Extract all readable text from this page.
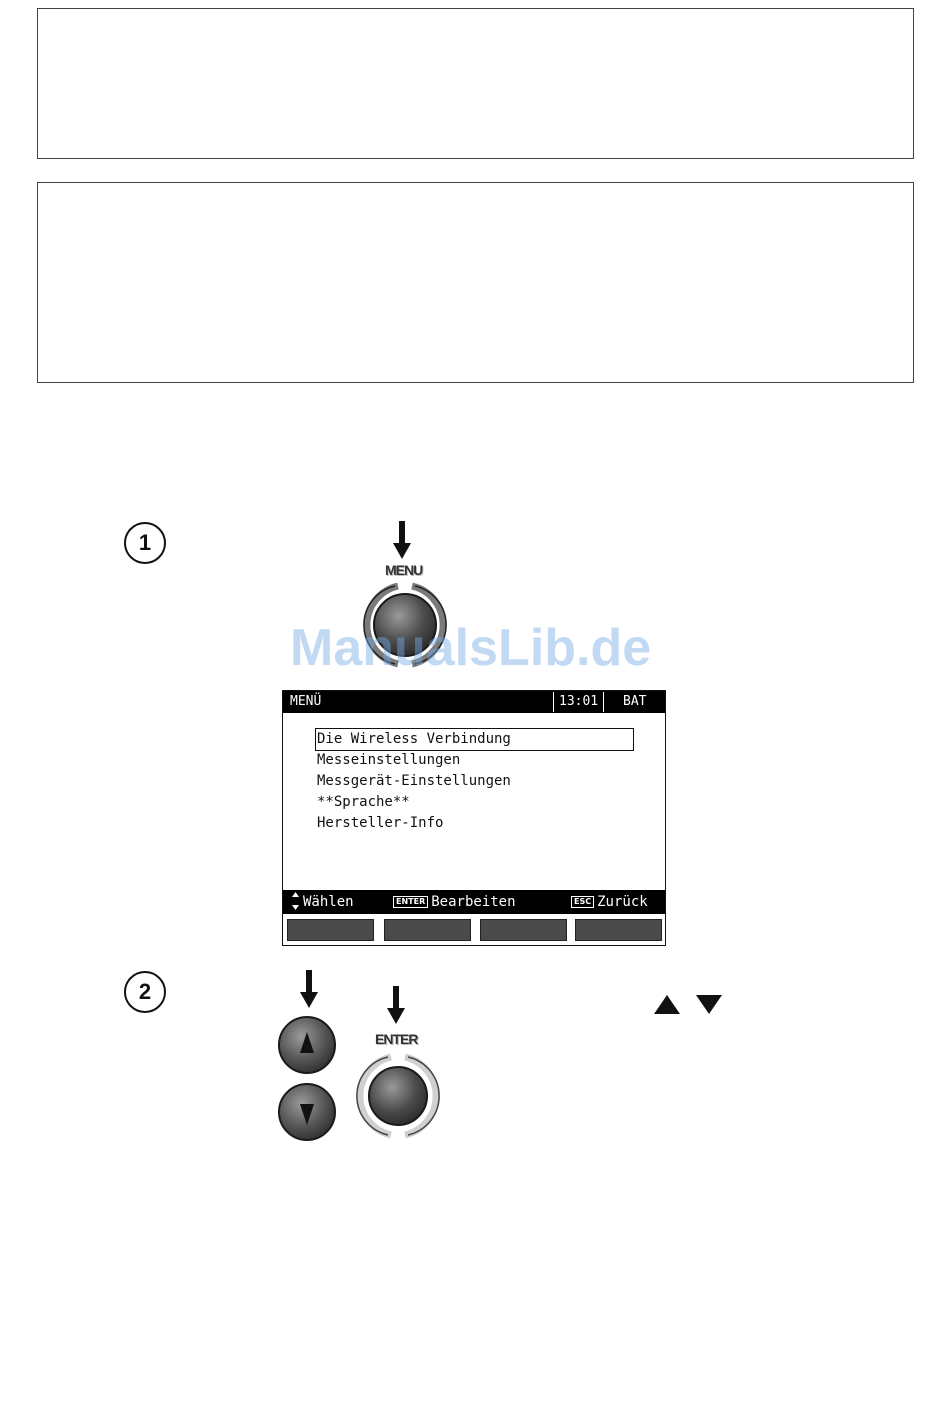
1
MENU
ManualsLib.de
MENÜ	13:01	BAT
Die Wireless Verbindung
Messeinstellungen
Messgerät-Einstellungen
**Sprache**
Hersteller-Info
Wählen	ENTER Bearbeiten	ESC Zurück
2
ENTER
